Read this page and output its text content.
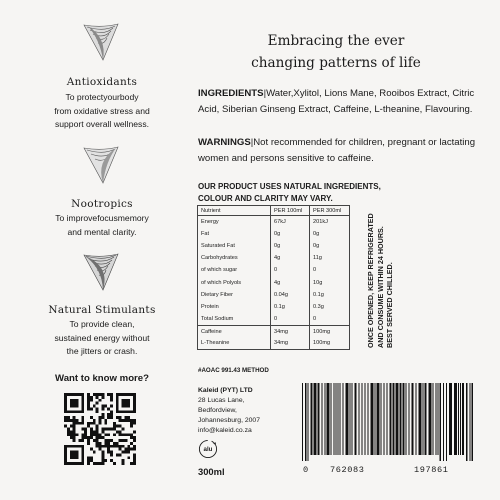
Antioxidants
To protectyourbody
from oxidative stress and
support overall wellness.
Nootropics
To improvefocusmemory
and mental clarity.
Natural Stimulants
To provide clean,
sustained energy without
the jitters or crash.
Want to know more?
Embracing the ever
changing patterns of life
INGREDIENTS|Water,Xylitol, Lions Mane, Rooibos Extract, Citric Acid, Siberian Ginseng Extract, Caffeine, L-theanine, Flavouring.
WARNINGS|Not recommended for children, pregnant or lactating women and persons sensitive to caffeine.
OUR PRODUCT USES NATURAL INGREDIENTS,
COLOUR AND CLARITY MAY VARY.
Nutrient	PER 100ml	PER 300ml
Energy	67kJ	201kJ
Fat	0g	0g
Saturated Fat	0g	0g
Carbohydrates	4g	11g
of which sugar	0	0
of which Polyols	4g	10g
Dietary Fiber	0.04g	0.1g
Protein	0.1g	0.3g
Total Sodium	0	0
Caffeine	34mg	100mg
L-Theanine	34mg	100mg	ONCE OPENED, KEEP REFRIGERATED AND CONSUME WITHIN 24 HOURS. BEST SERVED CHILLED.
#AOAC 991.43 METHOD
Kaleid (PYT) LTD
28 Lucas Lane,
Bedfordview,
Johannesburg, 2007
info@kaleid.co.za
alu
300ml	0 762083	197861
